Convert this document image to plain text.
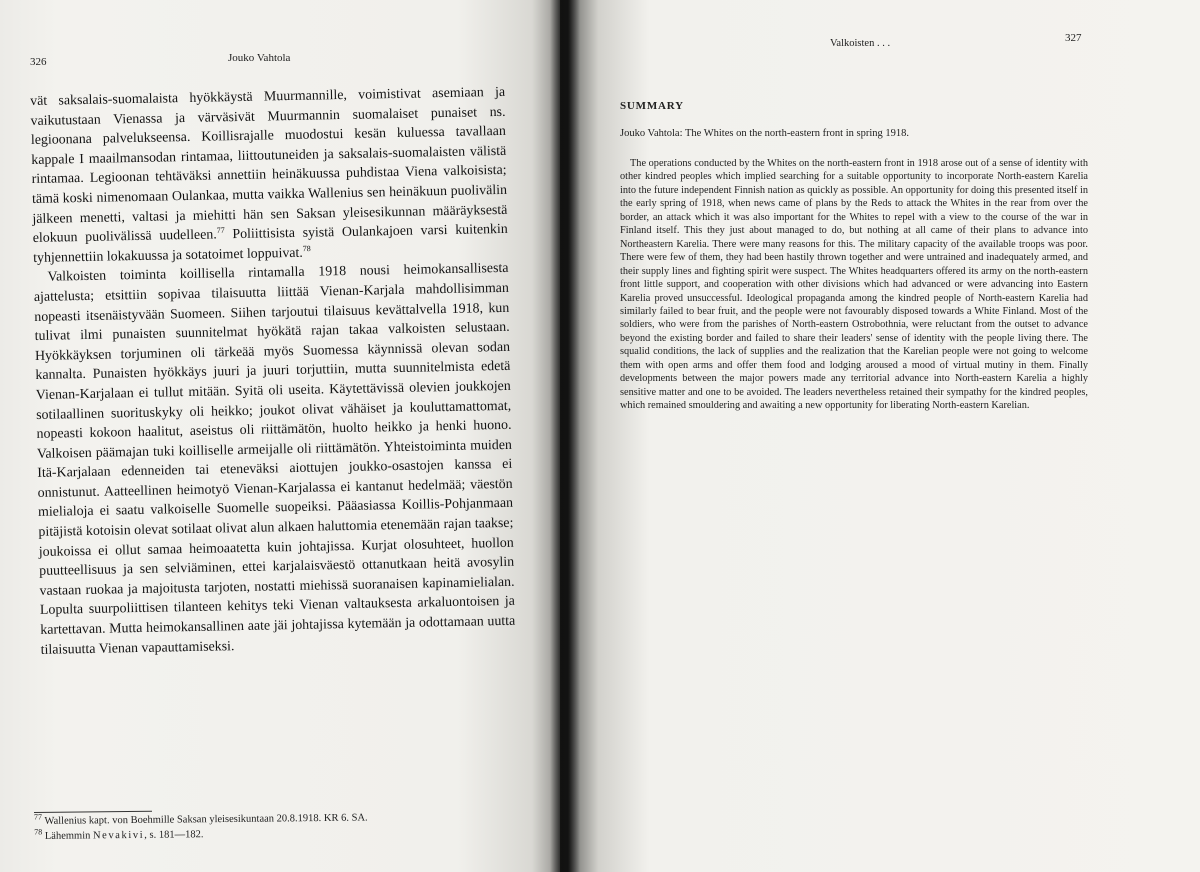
326	Jouko Vahtola

vät saksalais-suomalaista hyökkäystä Muurmannille, voimistivat asemiaan ja vaikutustaan Vienassa ja värväsivät Muurmannin suomalaiset punaiset ns. legioonana palvelukseensa. Koillisrajalle muodostui kesän kuluessa tavallaan kappale I maailmansodan rintamaa, liittoutuneiden ja saksalais-suomalaisten välistä rintamaa. Legioonan tehtäväksi annettiin heinäkuussa puhdistaa Viena valkoisista; tämä koski nimenomaan Oulankaa, mutta vaikka Wallenius sen heinäkuun puolivälin jälkeen menetti, valtasi ja miehitti hän sen Saksan yleisesikunnan määräyksestä elokuun puolivälissä uudelleen.$^{77}$ Poliittisista syistä Oulankajoen varsi kuitenkin tyhjennettiin lokakuussa ja sotatoimet loppuivat.$^{78}$

Valkoisten toiminta koillisella rintamalla 1918 nousi heimokansallisesta ajattelusta; etsittiin sopivaa tilaisuutta liittää Vienan-Karjala mahdollisimman nopeasti itsenäistyvään Suomeen. Siihen tarjoutui tilaisuus kevättalvella 1918, kun tulivat ilmi punaisten suunnitelmat hyökätä rajan takaa valkoisten selustaan. Hyökkäyksen torjuminen oli tärkeää myös Suomessa käynnissä olevan sodan kannalta. Punaisten hyökkäys juuri ja juuri torjuttiin, mutta suunnitelmista edetä Vienan-Karjalaan ei tullut mitään. Syitä oli useita. Käytettävissä olevien joukkojen sotilaallinen suorituskyky oli heikko; joukot olivat vähäiset ja kouluttamattomat, nopeasti kokoon haalitut, aseistus oli riittämätön, huolto heikko ja henki huono. Valkoisen päämajan tuki koilliselle armeijalle oli riittämätön. Yhteistoiminta muiden Itä-Karjalaan edenneiden tai eteneväksi aiottujen joukko-osastojen kanssa ei onnistunut. Aatteellinen heimotyö Vienan-Karjalassa ei kantanut hedelmää; väestön mielialoja ei saatu valkoiselle Suomelle suopeiksi. Pääasiassa Koillis-Pohjanmaan pitäjistä kotoisin olevat sotilaat olivat alun alkaen haluttomia etenemään rajan taakse; joukoissa ei ollut samaa heimoaatetta kuin johtajissa. Kurjat olosuhteet, huollon puutteellisuus ja sen selviäminen, ettei karjalaisväestö ottanutkaan heitä avosylin vastaan ruokaa ja majoitusta tarjoten, nostatti miehissä suoranaisen kapinamielialan. Lopulta suurpoliittisen tilanteen kehitys teki Vienan valtauksesta arkaluontoisen ja kartettavan. Mutta heimokansallinen aate jäi johtajissa kytemään ja odottamaan uutta tilaisuutta Vienan vapauttamiseksi.

$^{77}$ Wallenius kapt. von Boehmille Saksan yleisesikuntaan 20.8.1918. KR 6. SA.
$^{78}$ Lähemmin Nevakivi, s. 181—182.
Valkoisten . . .	327
SUMMARY
Jouko Vahtola: The Whites on the north-eastern front in spring 1918.

The operations conducted by the Whites on the north-eastern front in 1918 arose out of a sense of identity with other kindred peoples which implied searching for a suitable opportunity to incorporate North-eastern Karelia into the future independent Finnish nation as quickly as possible. An opportunity for doing this presented itself in the early spring of 1918, when news came of plans by the Reds to attack the Whites in the rear from over the border, an attack which it was also important for the Whites to repel with a view to the course of the war in Finland itself. This they just about managed to do, but nothing at all came of their plans to advance into Northeastern Karelia. There were many reasons for this. The military capacity of the available troops was poor. There were few of them, they had been hastily thrown together and were untrained and inadequately armed, and their supply lines and fighting spirit were suspect. The Whites headquarters offered its army on the north-eastern front little support, and cooperation with other divisions which had advanced or were advancing into Eastern Karelia proved unsuccessful. Ideological propaganda among the kindred people of North-eastern Karelia had similarly failed to bear fruit, and the people were not favourably disposed towards a White Finland. Most of the soldiers, who were from the parishes of North-eastern Ostrobothnia, were reluctant from the outset to advance beyond the existing border and failed to share their leaders' sense of identity with the people living there. The squalid conditions, the lack of supplies and the realization that the Karelian people were not going to welcome them with open arms and offer them food and lodging aroused a mood of virtual mutiny in them. Finally developments between the major powers made any territorial advance into North-eastern Karelia a highly sensitive matter and one to be avoided. The leaders nevertheless retained their sympathy for the kindred peoples, which remained smouldering and awaiting a new opportunity for liberating North-eastern Karelian.
